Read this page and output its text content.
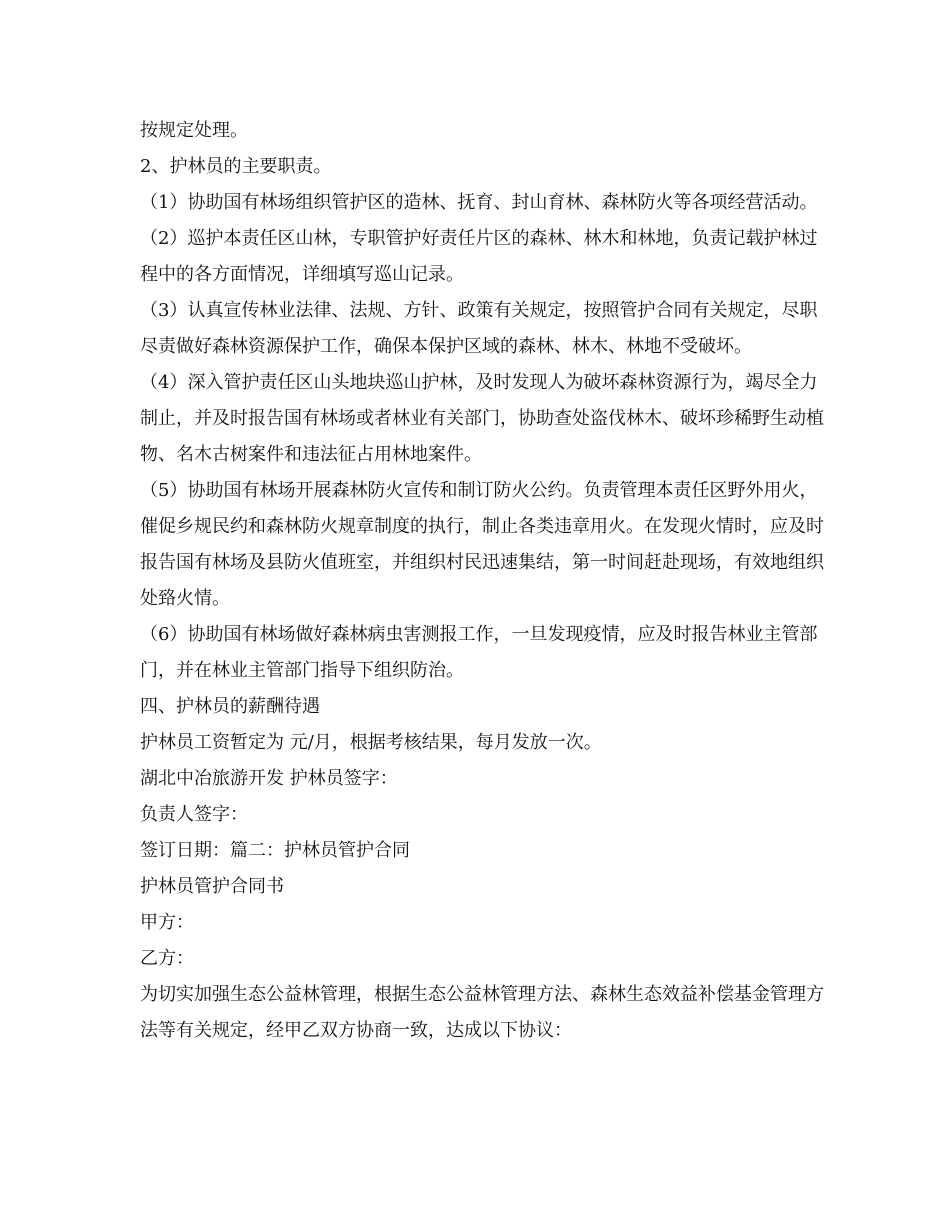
按规定处理。

2、护林员的主要职责。

（1）协助国有林场组织管护区的造林、抚育、封山育林、森林防火等各项经营活动。

（2）巡护本责任区山林，专职管护好责任片区的森林、林木和林地，负责记载护林过程中的各方面情况，详细填写巡山记录。

（3）认真宣传林业法律、法规、方针、政策有关规定，按照管护合同有关规定，尽职尽责做好森林资源保护工作，确保本保护区域的森林、林木、林地不受破坏。

（4）深入管护责任区山头地块巡山护林，及时发现人为破坏森林资源行为，竭尽全力制止，并及时报告国有林场或者林业有关部门，协助查处盗伐林木、破坏珍稀野生动植物、名木古树案件和违法征占用林地案件。

（5）协助国有林场开展森林防火宣传和制订防火公约。负责管理本责任区野外用火，催促乡规民约和森林防火规章制度的执行，制止各类违章用火。在发现火情时，应及时报告国有林场及县防火值班室，并组织村民迅速集结，第一时间赶赴现场，有效地组织处臵火情。

（6）协助国有林场做好森林病虫害测报工作，一旦发现疫情，应及时报告林业主管部门，并在林业主管部门指导下组织防治。

四、护林员的薪酬待遇

护林员工资暂定为 元/月，根据考核结果，每月发放一次。

湖北中冶旅游开发 护林员签字：

负责人签字：

签订日期：篇二：护林员管护合同

护林员管护合同书

甲方：

乙方：

为切实加强生态公益林管理，根据生态公益林管理方法、森林生态效益补偿基金管理方法等有关规定，经甲乙双方协商一致，达成以下协议：
